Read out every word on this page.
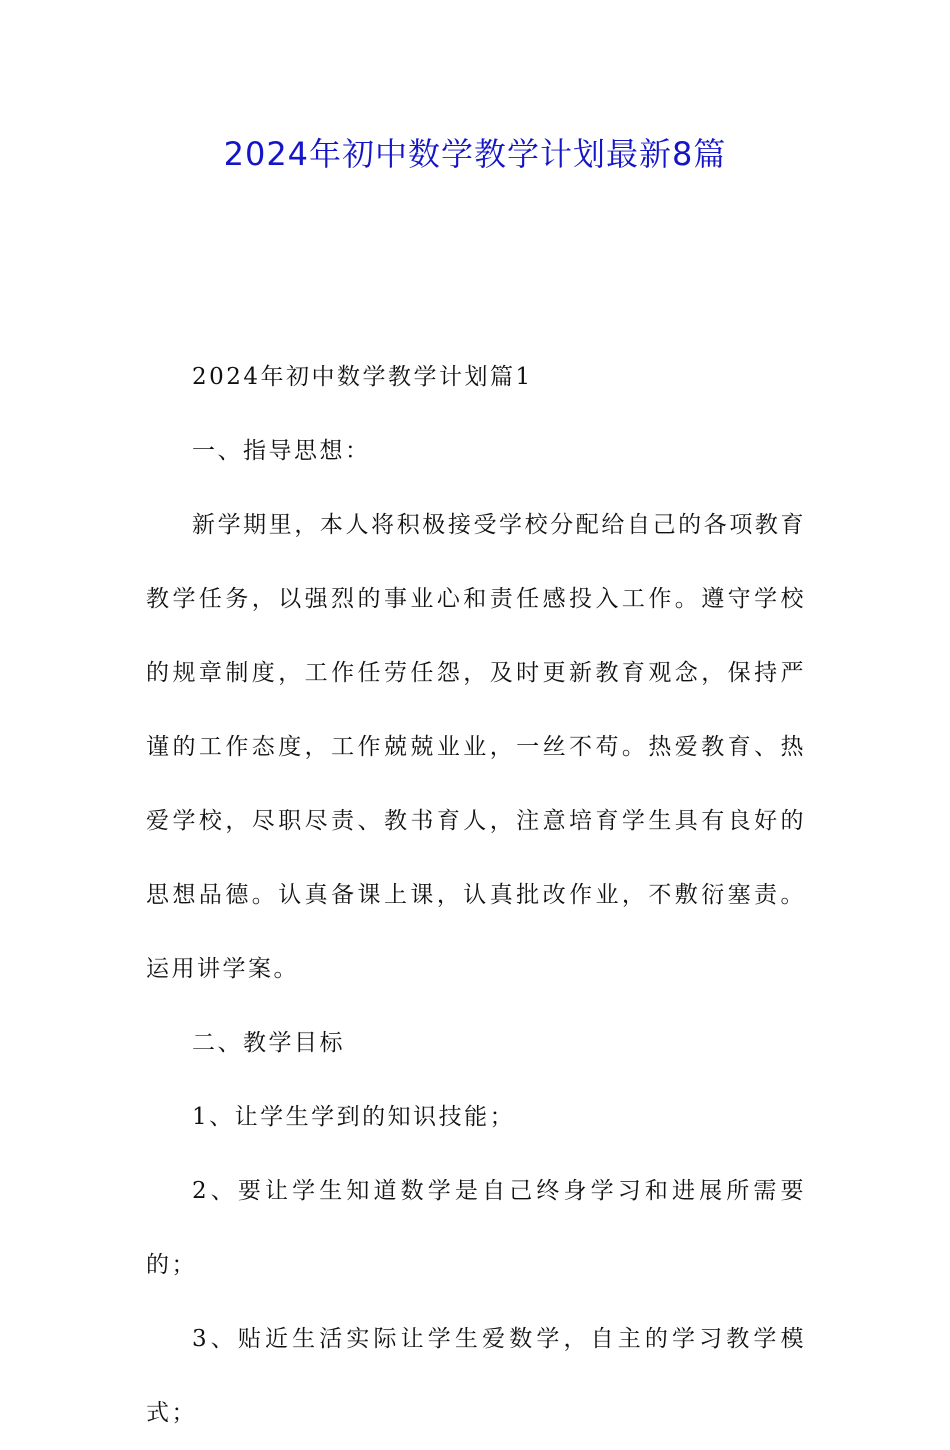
2024年初中数学教学计划最新8篇

2024年初中数学教学计划篇1

一、指导思想：

新学期里，本人将积极接受学校分配给自己的各项教育教学任务，以强烈的事业心和责任感投入工作。遵守学校的规章制度，工作任劳任怨，及时更新教育观念，保持严谨的工作态度，工作兢兢业业，一丝不苟。热爱教育、热爱学校，尽职尽责、教书育人，注意培育学生具有良好的思想品德。认真备课上课，认真批改作业，不敷衍塞责。运用讲学案。

二、教学目标

1、让学生学到的知识技能；

2、要让学生知道数学是自己终身学习和进展所需要的；

3、贴近生活实际让学生爱数学，自主的学习教学模式；
